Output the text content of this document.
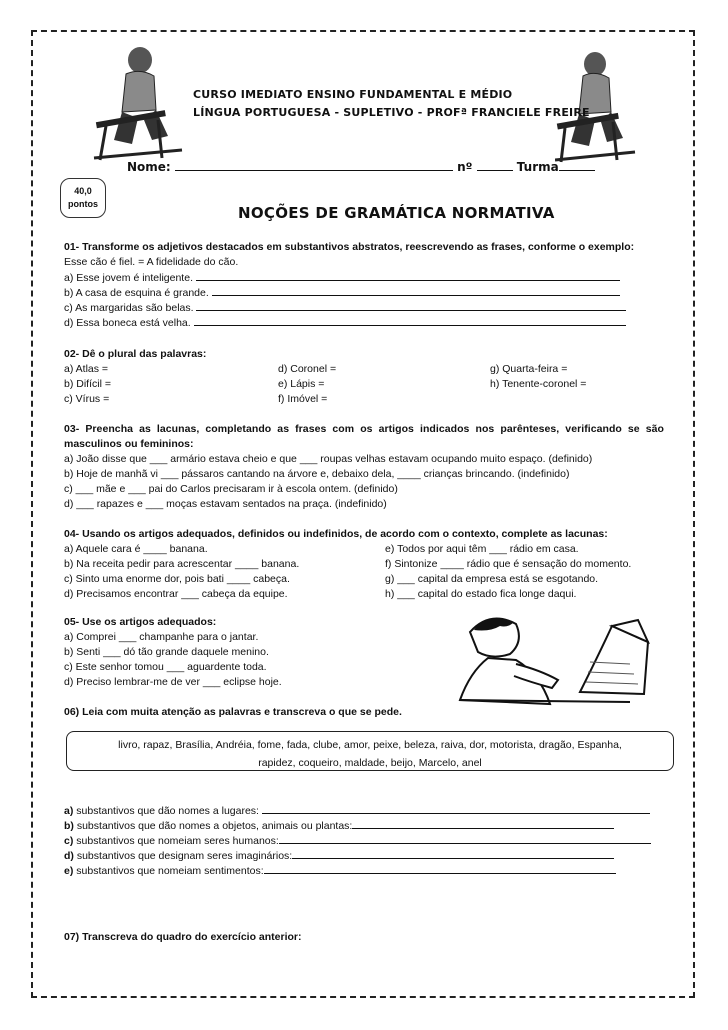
CURSO IMEDIATO ENSINO FUNDAMENTAL E MÉDIO
LÍNGUA PORTUGUESA - SUPLETIVO - PROFª FRANCIELE FREIRE
Nome:	nº	Turma
40,0
pontos	NOÇÕES DE GRAMÁTICA NORMATIVA
01- Transforme os adjetivos destacados em substantivos abstratos, reescrevendo as frases, conforme o exemplo:
Esse cão é fiel. = A fidelidade do cão.
a) Esse jovem é inteligente.
b) A casa de esquina é grande.
c) As margaridas são belas.
d) Essa boneca está velha.
02- Dê o plural das palavras:
a) Atlas =
b) Difícil =
c) Vírus =
d) Coronel =
e) Lápis =
f) Imóvel =
g) Quarta-feira =
h) Tenente-coronel =
03- Preencha as lacunas, completando as frases com os artigos indicados nos parênteses, verificando se são
masculinos ou femininos:
a) João disse que ___ armário estava cheio e que ___ roupas velhas estavam ocupando muito espaço. (definido)
b) Hoje de manhã vi ___ pássaros cantando na árvore e, debaixo dela, ____ crianças brincando. (indefinido)
c) ___ mãe e ___ pai do Carlos precisaram ir à escola ontem. (definido)
d) ___ rapazes e ___ moças estavam sentados na praça. (indefinido)
04- Usando os artigos adequados, definidos ou indefinidos, de acordo com o contexto, complete as lacunas:
a) Aquele cara é ____ banana.
b) Na receita pedir para acrescentar ____ banana.
c) Sinto uma enorme dor, pois bati ____ cabeça.
d) Precisamos encontrar ___ cabeça da equipe.
e) Todos por aqui têm ___ rádio em casa.
f) Sintonize ____ rádio que é sensação do momento.
g) ___ capital da empresa está se esgotando.
h) ___ capital do estado fica longe daqui.
05- Use os artigos adequados:
a) Comprei ___ champanhe para o jantar.
b) Senti ___ dó tão grande daquele menino.
c) Este senhor tomou ___ aguardente toda.
d) Preciso lembrar-me de ver ___ eclipse hoje.
06) Leia com muita atenção as palavras e transcreva o que se pede.
livro, rapaz, Brasília, Andréia, fome, fada, clube, amor, peixe, beleza, raiva, dor, motorista, dragão, Espanha,
rapidez, coqueiro, maldade, beijo, Marcelo, anel
a) substantivos que dão nomes a lugares:
b) substantivos que dão nomes a objetos, animais ou plantas:
c) substantivos que nomeiam seres humanos:
d) substantivos que designam seres imaginários:
e) substantivos que nomeiam sentimentos:
07) Transcreva do quadro do exercício anterior:
